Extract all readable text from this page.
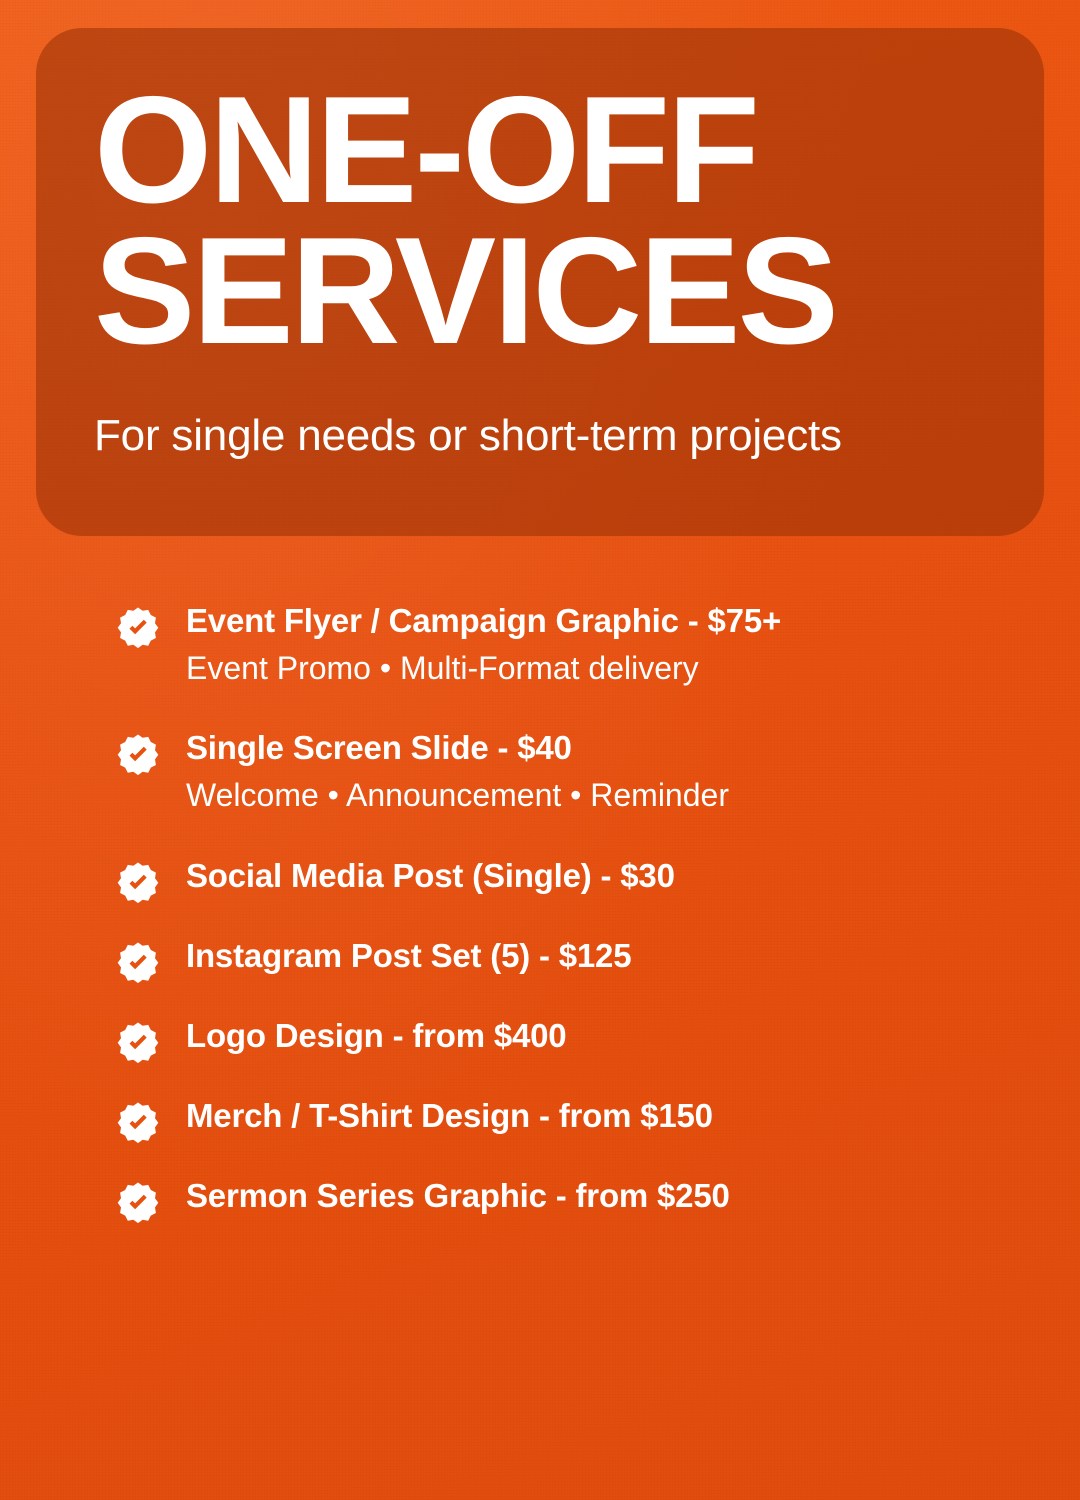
ONE-OFF
SERVICES

For single needs or short-term projects

Event Flyer / Campaign Graphic - $75+

Event Promo • Multi-Format delivery

Single Screen Slide - $40

Welcome • Announcement • Reminder

Social Media Post (Single) - $30

Instagram Post Set (5) - $125

Logo Design - from $400

Merch / T-Shirt Design - from $150

Sermon Series Graphic - from $250
